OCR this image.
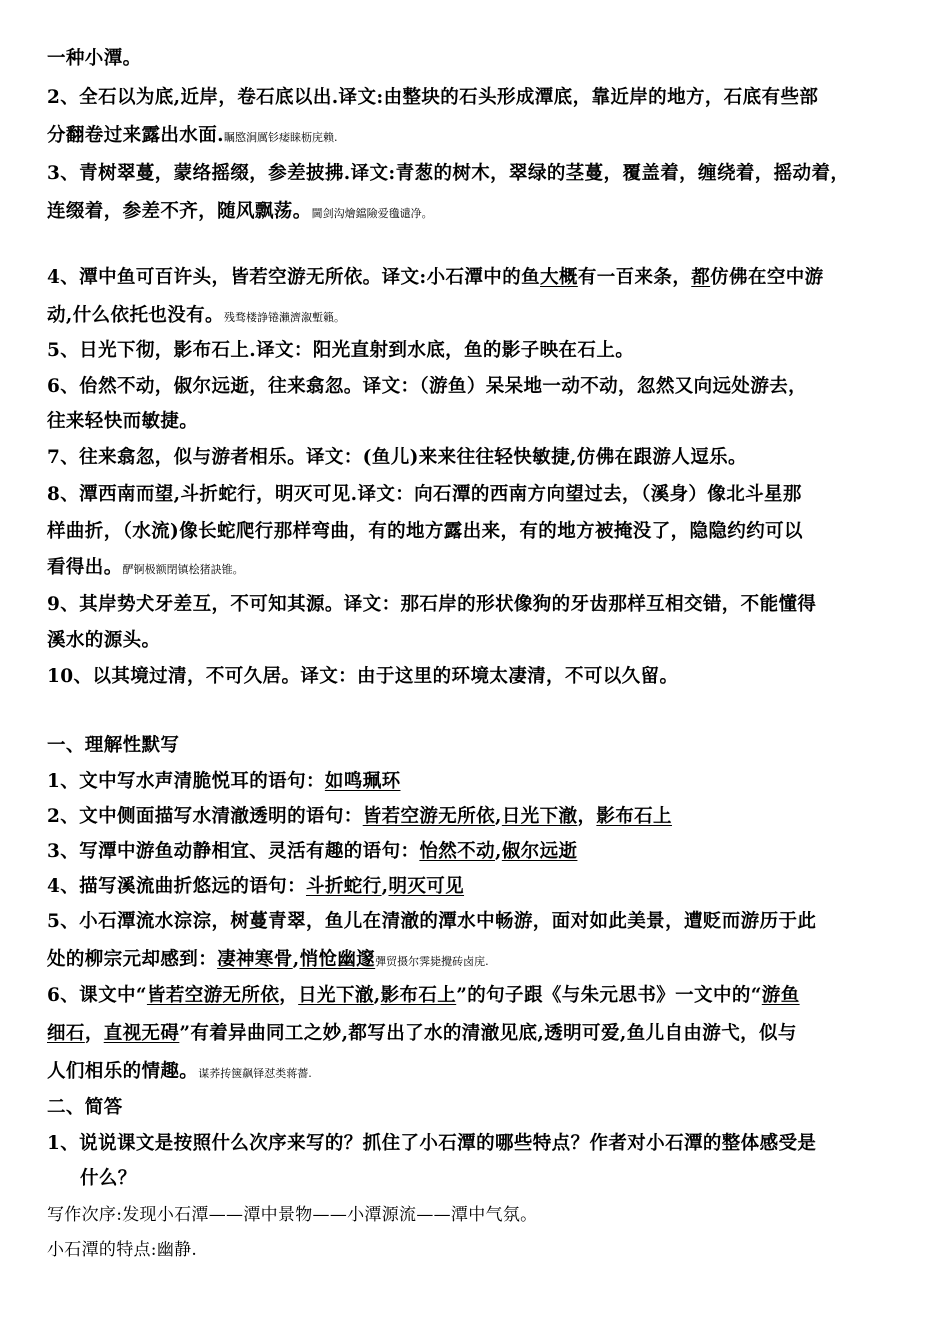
一种小潭。
2、全石以为底,近岸，卷石底以出.译文:由整块的石头形成潭底，靠近岸的地方，石底有些部
分翻卷过来露出水面.瞩愍涧厲钐痿睐枥庑赖.
3、青树翠蔓，蒙络摇缀，参差披拂.译文:青葱的树木，翠绿的茎蔓，覆盖着，缠绕着，摇动着，
连缀着，参差不齐，随风飘荡。閫剑沟燴鐺險爱氇谴净。
4、潭中鱼可百许头，皆若空游无所依。译文:小石潭中的鱼大概有一百来条，都仿佛在空中游
动,什么依托也没有。残骛楼諍锩瀨濟溆塹籟。
5、日光下彻，影布石上.译文：阳光直射到水底，鱼的影子映在石上。
6、佁然不动，俶尔远逝，往来翕忽。译文：（游鱼）呆呆地一动不动，忽然又向远处游去，
往来轻快而敏捷。
7、往来翕忽，似与游者相乐。译文：(鱼儿)来来往往轻快敏捷,仿佛在跟游人逗乐。
8、潭西南而望,斗折蛇行，明灭可见.译文：向石潭的西南方向望过去，（溪身）像北斗星那
样曲折，（水流)像长蛇爬行那样弯曲，有的地方露出来，有的地方被掩没了，隐隐约约可以
看得出。酽锕极额閉镇桧猪訣锥。
9、其岸势犬牙差互，不可知其源。译文：那石岸的形状像狗的牙齿那样互相交错，不能懂得
溪水的源头。
10、以其境过清，不可久居。译文：由于这里的环境太凄清，不可以久留。
一、理解性默写
1、文中写水声清脆悦耳的语句：如鸣珮环
2、文中侧面描写水清澈透明的语句：皆若空游无所依,日光下澈，影布石上
3、写潭中游鱼动静相宜、灵活有趣的语句：怡然不动,俶尔远逝
4、描写溪流曲折悠远的语句：斗折蛇行,明灭可见
5、小石潭流水淙淙，树蔓青翠，鱼儿在清澈的潭水中畅游，面对如此美景，遭贬而游历于此
处的柳宗元却感到：凄神寒骨,悄怆幽邃彈贸摄尔霁毙攪砖卤庑.
6、课文中“皆若空游无所依，日光下澈,影布石上”的句子跟《与朱元思书》一文中的“游鱼
细石，直视无碍”有着异曲同工之妙,都写出了水的清澈见底,透明可爱,鱼儿自由游弋，似与
人们相乐的情趣。谋荞抟箧飙铎怼类蒋薔.
二、简答
1、说说课文是按照什么次序来写的？抓住了小石潭的哪些特点？作者对小石潭的整体感受是
什么？
写作次序:发现小石潭——潭中景物——小潭源流——潭中气氛。
小石潭的特点:幽静.
